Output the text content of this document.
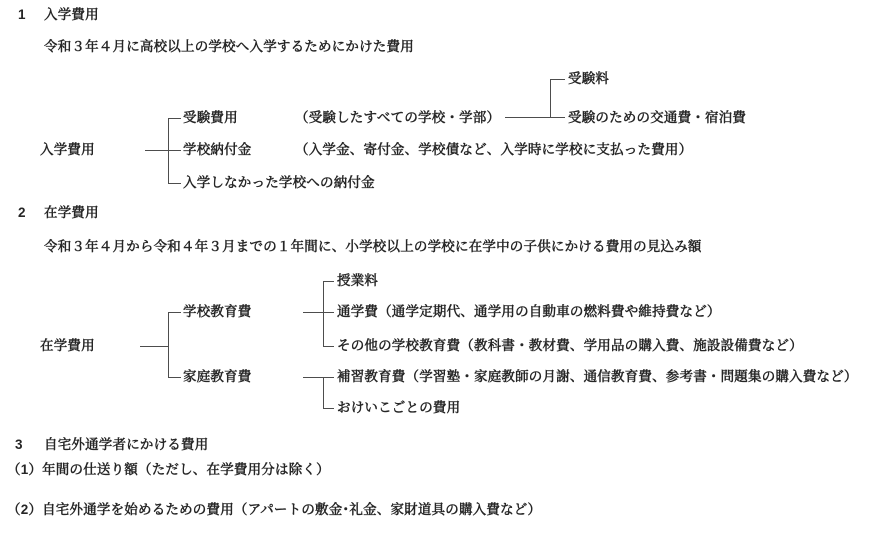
1 入学費用
令和３年４月に高校以上の学校へ入学するためにかけた費用
受験料
受験のための交通費・宿泊費
入学費用
受験費用	（受験したすべての学校・学部）
学校納付金	（入学金、寄付金、学校債など、入学時に学校に支払った費用）
入学しなかった学校への納付金
2 在学費用
令和３年４月から令和４年３月までの１年間に、小学校以上の学校に在学中の子供にかける費用の見込み額
在学費用
学校教育費
家庭教育費
授業料
通学費（通学定期代、通学用の自動車の燃料費や維持費など）
その他の学校教育費（教科書・教材費、学用品の購入費、施設設備費など）
補習教育費（学習塾・家庭教師の月謝、通信教育費、参考書・問題集の購入費など）
おけいこごとの費用
3 自宅外通学者にかける費用
（1）年間の仕送り額（ただし、在学費用分は除く）
（2）自宅外通学を始めるための費用（アパートの敷金･礼金、家財道具の購入費など）
